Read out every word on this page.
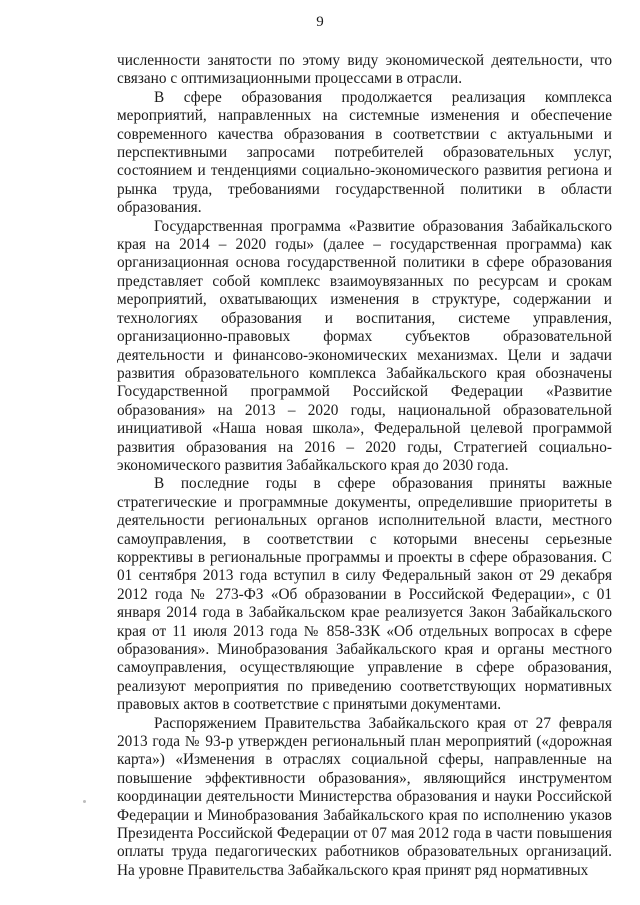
9

численности занятости по этому виду экономической деятельности, что связано с оптимизационными процессами в отрасли.

В сфере образования продолжается реализация комплекса мероприятий, направленных на системные изменения и обеспечение современного качества образования в соответствии с актуальными и перспективными запросами потребителей образовательных услуг, состоянием и тенденциями социально-экономического развития региона и рынка труда, требованиями государственной политики в области образования.

Государственная программа «Развитие образования Забайкальского края на 2014 – 2020 годы» (далее – государственная программа) как организационная основа государственной политики в сфере образования представляет собой комплекс взаимоувязанных по ресурсам и срокам мероприятий, охватывающих изменения в структуре, содержании и технологиях образования и воспитания, системе управления, организационно-правовых формах субъектов образовательной деятельности и финансово-экономических механизмах. Цели и задачи развития образовательного комплекса Забайкальского края обозначены Государственной программой Российской Федерации «Развитие образования» на 2013 – 2020 годы, национальной образовательной инициативой «Наша новая школа», Федеральной целевой программой развития образования на 2016 – 2020 годы, Стратегией социально-экономического развития Забайкальского края до 2030 года.

В последние годы в сфере образования приняты важные стратегические и программные документы, определившие приоритеты в деятельности региональных органов исполнительной власти, местного самоуправления, в соответствии с которыми внесены серьезные коррективы в региональные программы и проекты в сфере образования. С 01 сентября 2013 года вступил в силу Федеральный закон от 29 декабря 2012 года № 273-ФЗ «Об образовании в Российской Федерации», с 01 января 2014 года в Забайкальском крае реализуется Закон Забайкальского края от 11 июля 2013 года № 858-ЗЗК «Об отдельных вопросах в сфере образования». Минобразования Забайкальского края и органы местного самоуправления, осуществляющие управление в сфере образования, реализуют мероприятия по приведению соответствующих нормативных правовых актов в соответствие с принятыми документами.

Распоряжением Правительства Забайкальского края от 27 февраля 2013 года № 93-р утвержден региональный план мероприятий («дорожная карта») «Изменения в отраслях социальной сферы, направленные на повышение эффективности образования», являющийся инструментом координации деятельности Министерства образования и науки Российской Федерации и Минобразования Забайкальского края по исполнению указов Президента Российской Федерации от 07 мая 2012 года в части повышения оплаты труда педагогических работников образовательных организаций. На уровне Правительства Забайкальского края принят ряд нормативных
